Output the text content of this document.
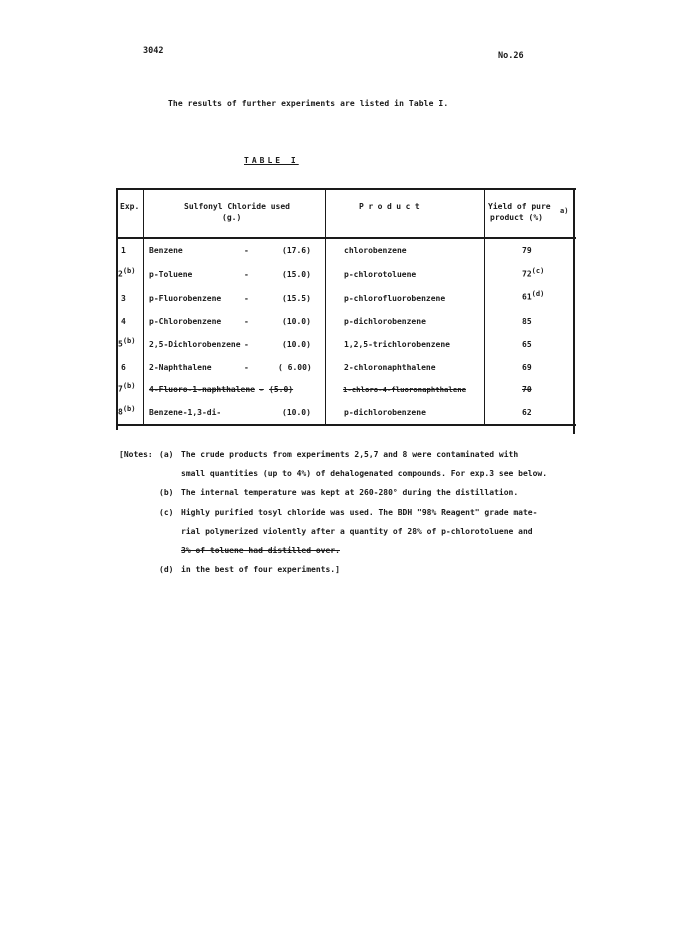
3042	No.26
The results of further experiments are listed in Table I.
TABLE I
Exp.	Sulfonyl Chloride used
(g.)
Product	Yield of pure
product (%)
a)
1	Benzene	-	(17.6)	chlorobenzene	79
2$^{(b)}$ p-Toluene	-	(15.0)	p-chlorotoluene	72$^{(c)}$
3	p-Fluorobenzene	-	(15.5)	p-chlorofluorobenzene	61$^{(d)}$
4	p-Chlorobenzene	-	(10.0)	p-dichlorobenzene	85
5$^{(b)}$ 2,5-Dichlorobenzene -	(10.0)	1,2,5-trichlorobenzene	65
6	2-Naphthalene	-	( 6.00)	2-chloronaphthalene	69
7$^{(b)}$ 4-Fluoro-1-naphthalene - (5.0)	1-chloro-4-fluoronaphthalene	70
8$^{(b)}$ Benzene-1,3-di-	(10.0)	p-dichlorobenzene	62
[Notes: (a) The crude products from experiments 2,5,7 and 8 were contaminated with
small quantities (up to 4%) of dehalogenated compounds. For exp.3 see below.
(b) The internal temperature was kept at 260-280° during the distillation.
(c) Highly purified tosyl chloride was used. The BDH "98% Reagent" grade mate-
rial polymerized violently after a quantity of 28% of p-chlorotoluene and
3% of toluene had distilled over.
(d) in the best of four experiments.]
